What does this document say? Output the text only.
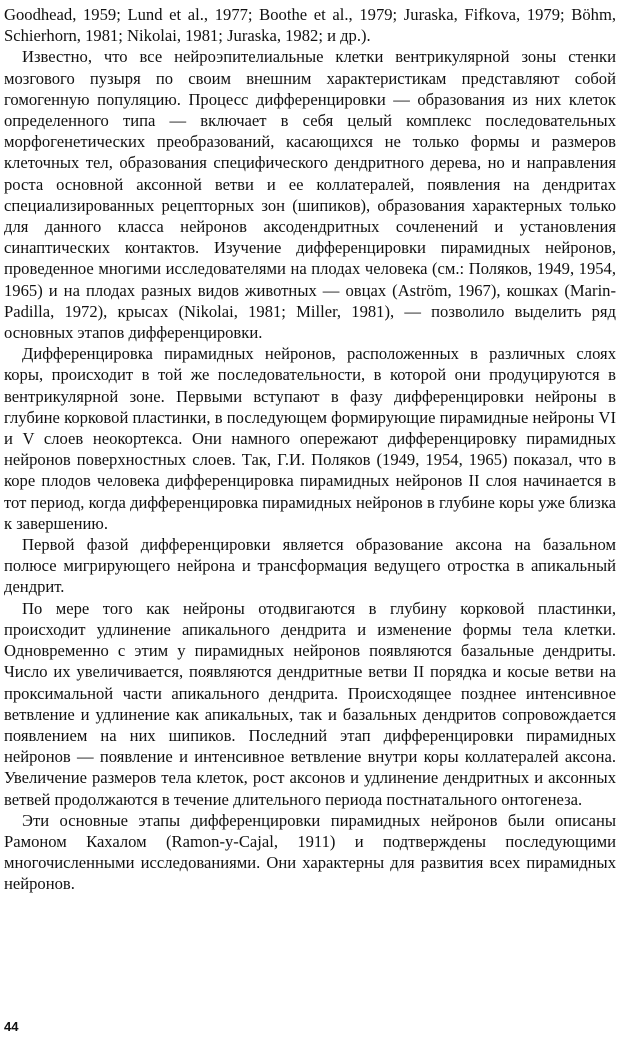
Goodhead, 1959; Lund et al., 1977; Boothe et al., 1979; Juraska, Fifkova, 1979; Böhm, Schierhorn, 1981; Nikolai, 1981; Juraska, 1982; и др.).

Известно, что все нейроэпителиальные клетки вентрикулярной зоны стенки мозгового пузыря по своим внешним характеристикам представляют собой гомогенную популяцию. Процесс дифференцировки — образования из них клеток определенного типа — включает в себя целый комплекс последовательных морфогенетических преобразований, касающихся не только формы и размеров клеточных тел, образования специфического дендритного дерева, но и направления роста основной аксонной ветви и ее коллатералей, появления на дендритах специализированных рецепторных зон (шипиков), образования характерных только для данного класса нейронов аксодендритных сочленений и установления синаптических контактов. Изучение дифференцировки пирамидных нейронов, проведенное многими исследователями на плодах человека (см.: Поляков, 1949, 1954, 1965) и на плодах разных видов животных — овцах (Aström, 1967), кошках (Marin-Padilla, 1972), крысах (Nikolai, 1981; Miller, 1981), — позволило выделить ряд основных этапов дифференцировки.

Дифференцировка пирамидных нейронов, расположенных в различных слоях коры, происходит в той же последовательности, в которой они продуцируются в вентрикулярной зоне. Первыми вступают в фазу дифференцировки нейроны в глубине корковой пластинки, в последующем формирующие пирамидные нейроны VI и V слоев неокортекса. Они намного опережают дифференцировку пирамидных нейронов поверхностных слоев. Так, Г.И. Поляков (1949, 1954, 1965) показал, что в коре плодов человека дифференцировка пирамидных нейронов II слоя начинается в тот период, когда дифференцировка пирамидных нейронов в глубине коры уже близка к завершению.

Первой фазой дифференцировки является образование аксона на базальном полюсе мигрирующего нейрона и трансформация ведущего отростка в апикальный дендрит.

По мере того как нейроны отодвигаются в глубину корковой пластинки, происходит удлинение апикального дендрита и изменение формы тела клетки. Одновременно с этим у пирамидных нейронов появляются базальные дендриты. Число их увеличивается, появляются дендритные ветви II порядка и косые ветви на проксимальной части апикального дендрита. Происходящее позднее интенсивное ветвление и удлинение как апикальных, так и базальных дендритов сопровождается появлением на них шипиков. Последний этап дифференцировки пирамидных нейронов — появление и интенсивное ветвление внутри коры коллатералей аксона. Увеличение размеров тела клеток, рост аксонов и удлинение дендритных и аксонных ветвей продолжаются в течение длительного периода постнатального онтогенеза.

Эти основные этапы дифференцировки пирамидных нейронов были описаны Рамоном Кахалом (Ramon-y-Cajal, 1911) и подтверждены последующими многочисленными исследованиями. Они характерны для развития всех пирамидных нейронов.

44
